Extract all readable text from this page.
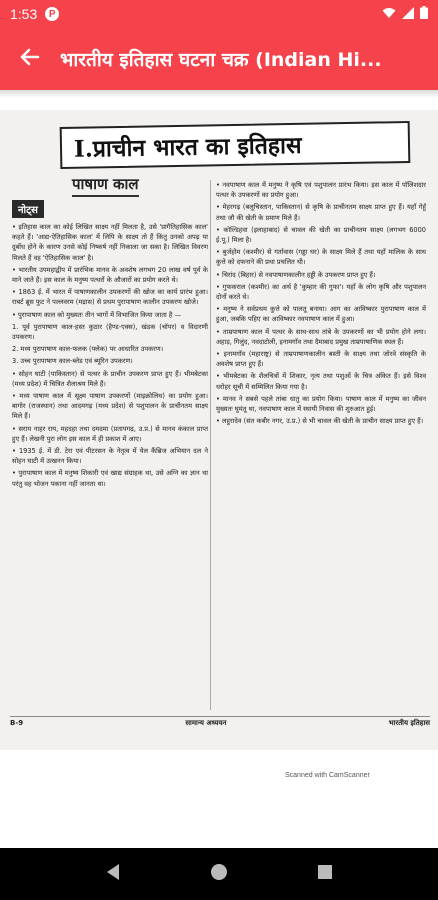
1:53	P
भारतीय इतिहास घटना चक्र (Indian Hi...
I.प्राचीन भारत का इतिहास
पाषाण काल
नोट्स

• इतिहास काल का कोई लिखित साक्ष्य नहीं मिलता है, उसे 'प्रागैतिहासिक काल' कहते हैं। 'आद्य-ऐतिहासिक काल' में लिपि के साक्ष्य तो हैं किंतु उनको अपढ़ या दुर्बोध होने के कारण उनसे कोई निष्कर्ष नहीं निकाला जा सका है। लिखित विवरण मिलते हैं वह 'ऐतिहासिक काल' है।

• भारतीय उपमहाद्वीप में प्रारंभिक मानव के अवशेष लगभग 20 लाख वर्ष पूर्व के माने जाते हैं। इस काल के मनुष्य पत्थरों के औजारों का प्रयोग करते थे।

• 1863 ई. में भारत में पाषाणकालीन उपकरणों की खोज का कार्य प्रारंभ हुआ। राबर्ट ब्रूस फुट ने पल्लवरम (मद्रास) से प्रथम पुरापाषाण कालीन उपकरण खोजे।

• पुरापाषाण काल को मुख्यतः तीन भागों में विभाजित किया जाता है —

1. पूर्व पुरापाषाण काल-हस्त कुठार (हैण्ड-एक्स), खंडक (चॉपर) व विदारणी उपकरण।

2. मध्य पुरापाषाण काल-फलक (फ्लेक) पर आधारित उपकरण।

3. उच्च पुरापाषाण काल-ब्लेड एवं ब्यूरिन उपकरण।

• सोहन घाटी (पाकिस्तान) से पत्थर के प्राचीन उपकरण प्राप्त हुए हैं। भीमबेटका (मध्य प्रदेश) में चित्रित शैलाश्रय मिले हैं।

• मध्य पाषाण काल में सूक्ष्म पाषाण उपकरणों (माइक्रोलिथ) का प्रयोग हुआ। बागोर (राजस्थान) तथा आदमगढ़ (मध्य प्रदेश) से पशुपालन के प्राचीनतम साक्ष्य मिले हैं।

• सराय नाहर राय, महदहा तथा दमदमा (प्रतापगढ़, उ.प्र.) से मानव कंकाल प्राप्त हुए हैं। लेखनी पुरा लोग इस काल में ही प्रकाश में आए।

• 1935 ई. में डी. टेरा एवं पीटरसन के नेतृत्व में येल कैंब्रिज अभियान दल ने सोहन घाटी में उत्खनन किया।

• पुरापाषाण काल में मनुष्य शिकारी एवं खाद्य संग्राहक था, उसे अग्नि का ज्ञान था परंतु वह भोजन पकाना नहीं जानता था।

• नवपाषाण काल में मनुष्य ने कृषि एवं पशुपालन प्रारंभ किया। इस काल में पॉलिशदार पत्थर के उपकरणों का प्रयोग हुआ।

• मेहरगढ़ (बलूचिस्तान, पाकिस्तान) से कृषि के प्राचीनतम साक्ष्य प्राप्त हुए हैं। यहाँ गेहूँ तथा जौ की खेती के प्रमाण मिले हैं।

• कोल्डिहवा (इलाहाबाद) से चावल की खेती का प्राचीनतम साक्ष्य (लगभग 6000 ई.पू.) मिला है।

• बुर्जहोम (कश्मीर) से गर्तावास (गड्ढा घर) के साक्ष्य मिले हैं तथा यहाँ मालिक के साथ कुत्ते को दफनाने की प्रथा प्रचलित थी।

• चिरांद (बिहार) से नवपाषाणकालीन हड्डी के उपकरण प्राप्त हुए हैं।

• गुफकराल (कश्मीर) का अर्थ है 'कुम्हार की गुफा'। यहाँ के लोग कृषि और पशुपालन दोनों करते थे।

• मनुष्य ने सर्वप्रथम कुत्ते को पालतू बनाया। आग का आविष्कार पुरापाषाण काल में हुआ, जबकि पहिए का आविष्कार नवपाषाण काल में हुआ।

• ताम्रपाषाण काल में पत्थर के साथ-साथ तांबे के उपकरणों का भी प्रयोग होने लगा। अहाड़, गिलुंद, नवदाटोली, इनामगाँव तथा दैमाबाद प्रमुख ताम्रपाषाणिक स्थल हैं।

• इनामगाँव (महाराष्ट्र) से ताम्रपाषाणकालीन बस्ती के साक्ष्य तथा जोरवे संस्कृति के अवशेष प्राप्त हुए हैं।

• भीमबेटका के शैलचित्रों में शिकार, नृत्य तथा पशुओं के चित्र अंकित हैं। इसे विश्व धरोहर सूची में सम्मिलित किया गया है।

• मानव ने सबसे पहले तांबा धातु का प्रयोग किया। पाषाण काल में मनुष्य का जीवन मुख्यतः घुमंतू था, नवपाषाण काल में स्थायी निवास की शुरुआत हुई।

• लहुरादेव (संत कबीर नगर, उ.प्र.) से भी चावल की खेती के प्राचीन साक्ष्य प्राप्त हुए हैं।

B-9	सामान्य अध्ययन	भारतीय इतिहास
Scanned with CamScanner
